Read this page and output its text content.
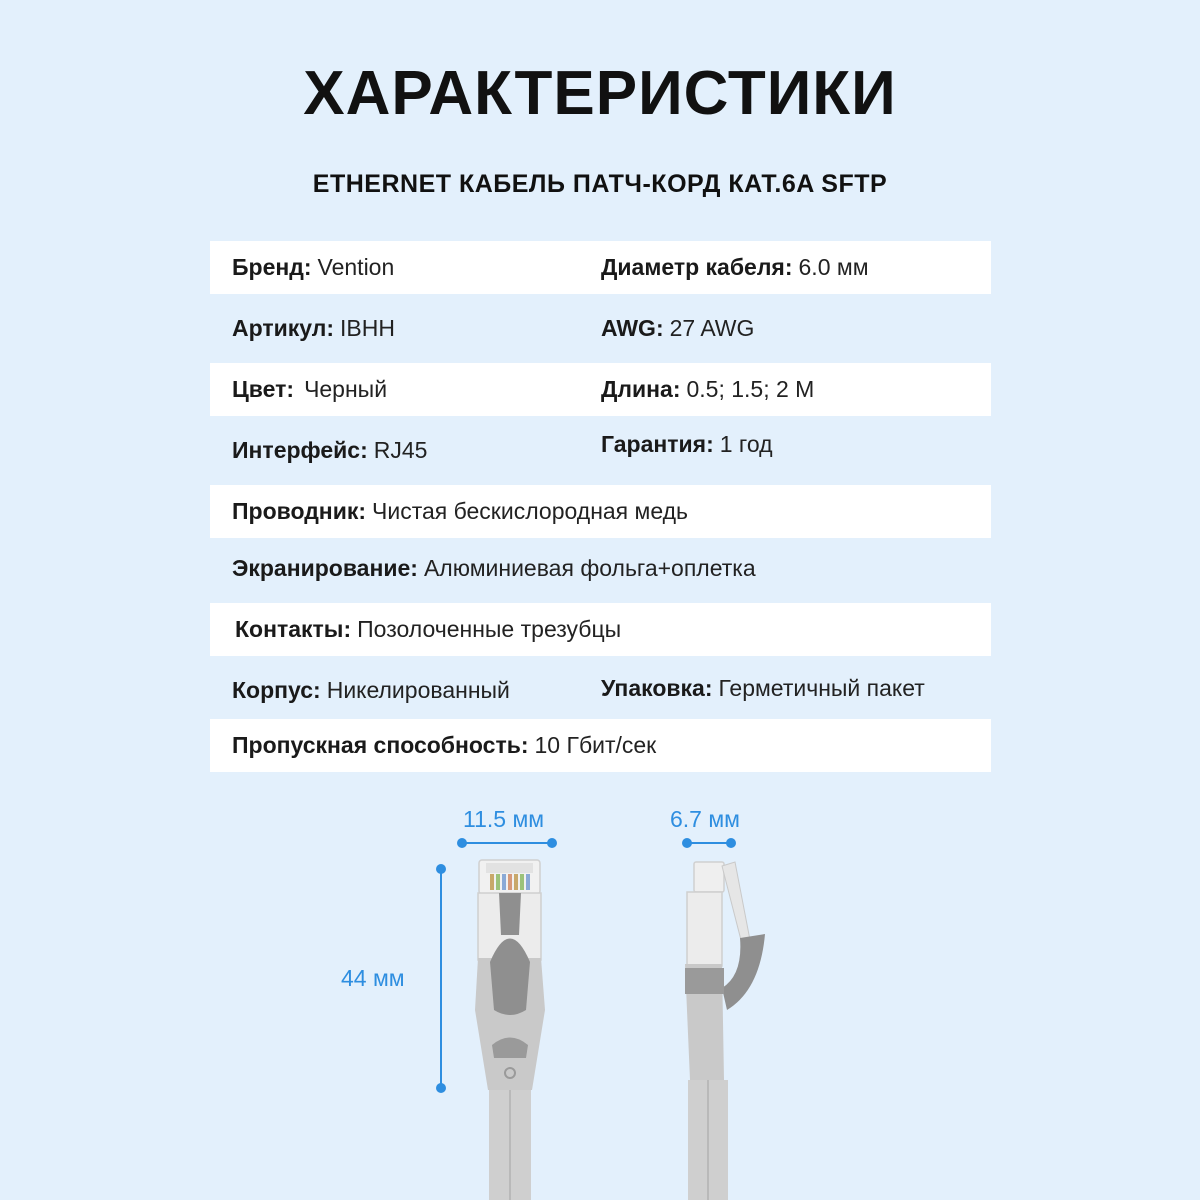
ХАРАКТЕРИСТИКИ
ETHERNET КАБЕЛЬ ПАТЧ-КОРД КАТ.6A SFTP
Бренд: Vention	Диаметр кабеля: 6.0 мм
Артикул: IBHH	AWG: 27 AWG
Цвет: Черный	Длина: 0.5; 1.5; 2 М
Интерфейс: RJ45	Гарантия: 1 год
Проводник: Чистая бескислородная медь
Экранирование: Алюминиевая фольга+оплетка
Контакты: Позолоченные трезубцы
Корпус: Никелированный	Упаковка: Герметичный пакет
Пропускная способность: 10 Гбит/сек
11.5 мм	6.7 мм
44 мм
